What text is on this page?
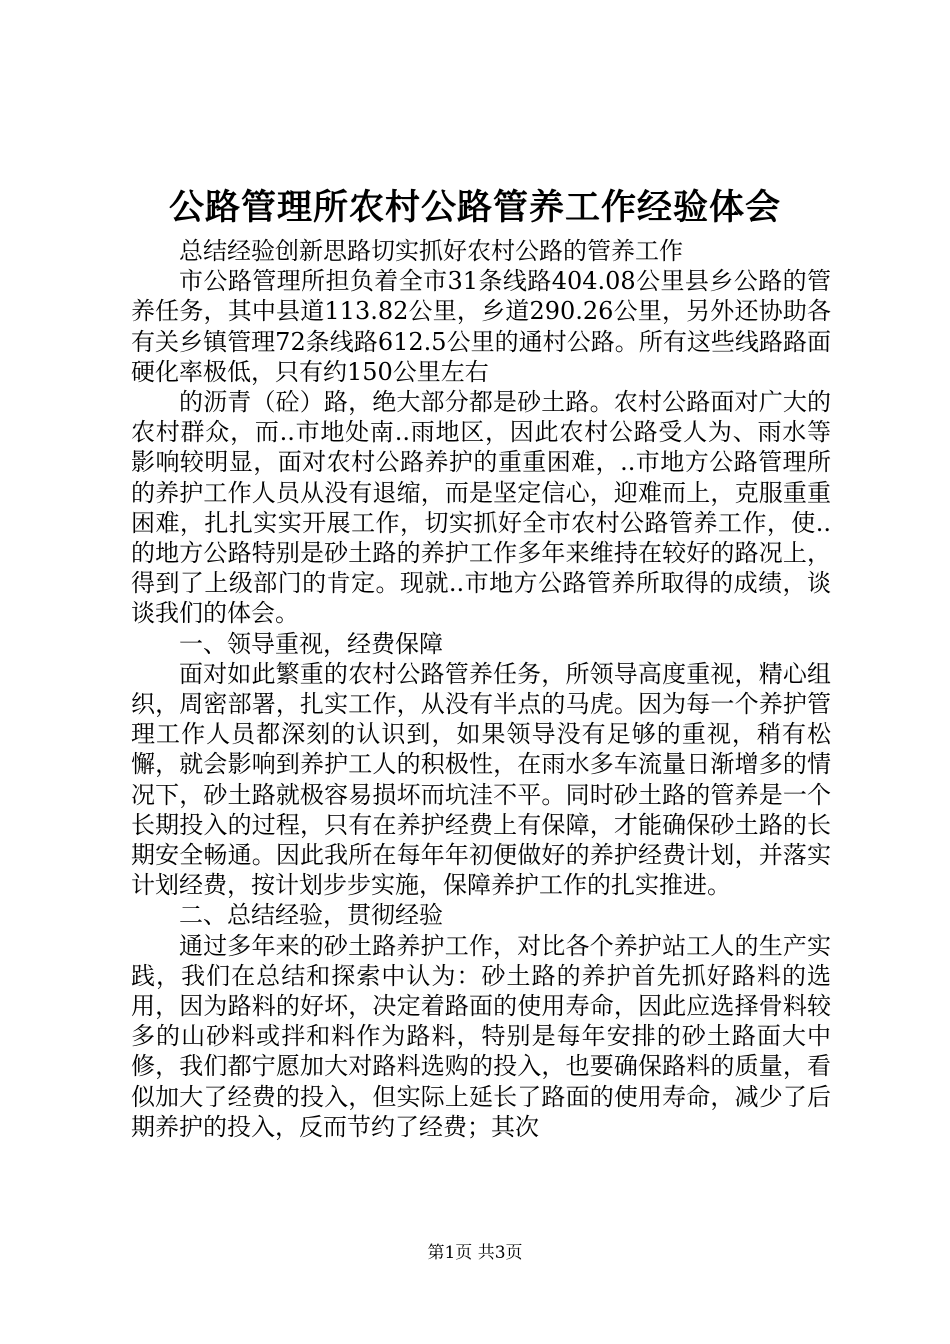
公路管理所农村公路管养工作经验体会

总结经验创新思路切实抓好农村公路的管养工作

市公路管理所担负着全市31条线路404.08公里县乡公路的管养任务，其中县道113.82公里，乡道290.26公里，另外还协助各有关乡镇管理72条线路612.5公里的通村公路。所有这些线路路面硬化率极低，只有约150公里左右

的沥青（砼）路，绝大部分都是砂土路。农村公路面对广大的农村群众，而..市地处南..雨地区，因此农村公路受人为、雨水等影响较明显，面对农村公路养护的重重困难，..市地方公路管理所的养护工作人员从没有退缩，而是坚定信心，迎难而上，克服重重困难，扎扎实实开展工作，切实抓好全市农村公路管养工作，使..的地方公路特别是砂土路的养护工作多年来维持在较好的路况上，得到了上级部门的肯定。现就..市地方公路管养所取得的成绩，谈谈我们的体会。

一、领导重视，经费保障

面对如此繁重的农村公路管养任务，所领导高度重视，精心组织，周密部署，扎实工作，从没有半点的马虎。因为每一个养护管理工作人员都深刻的认识到，如果领导没有足够的重视，稍有松懈，就会影响到养护工人的积极性，在雨水多车流量日渐增多的情况下，砂土路就极容易损坏而坑洼不平。同时砂土路的管养是一个长期投入的过程，只有在养护经费上有保障，才能确保砂土路的长期安全畅通。因此我所在每年年初便做好的养护经费计划，并落实计划经费，按计划步步实施，保障养护工作的扎实推进。

二、总结经验，贯彻经验

通过多年来的砂土路养护工作，对比各个养护站工人的生产实践，我们在总结和探索中认为：砂土路的养护首先抓好路料的选用，因为路料的好坏，决定着路面的使用寿命，因此应选择骨料较多的山砂料或拌和料作为路料，特别是每年安排的砂土路面大中修，我们都宁愿加大对路料选购的投入，也要确保路料的质量，看似加大了经费的投入，但实际上延长了路面的使用寿命，减少了后期养护的投入，反而节约了经费；其次

第1页 共3页
